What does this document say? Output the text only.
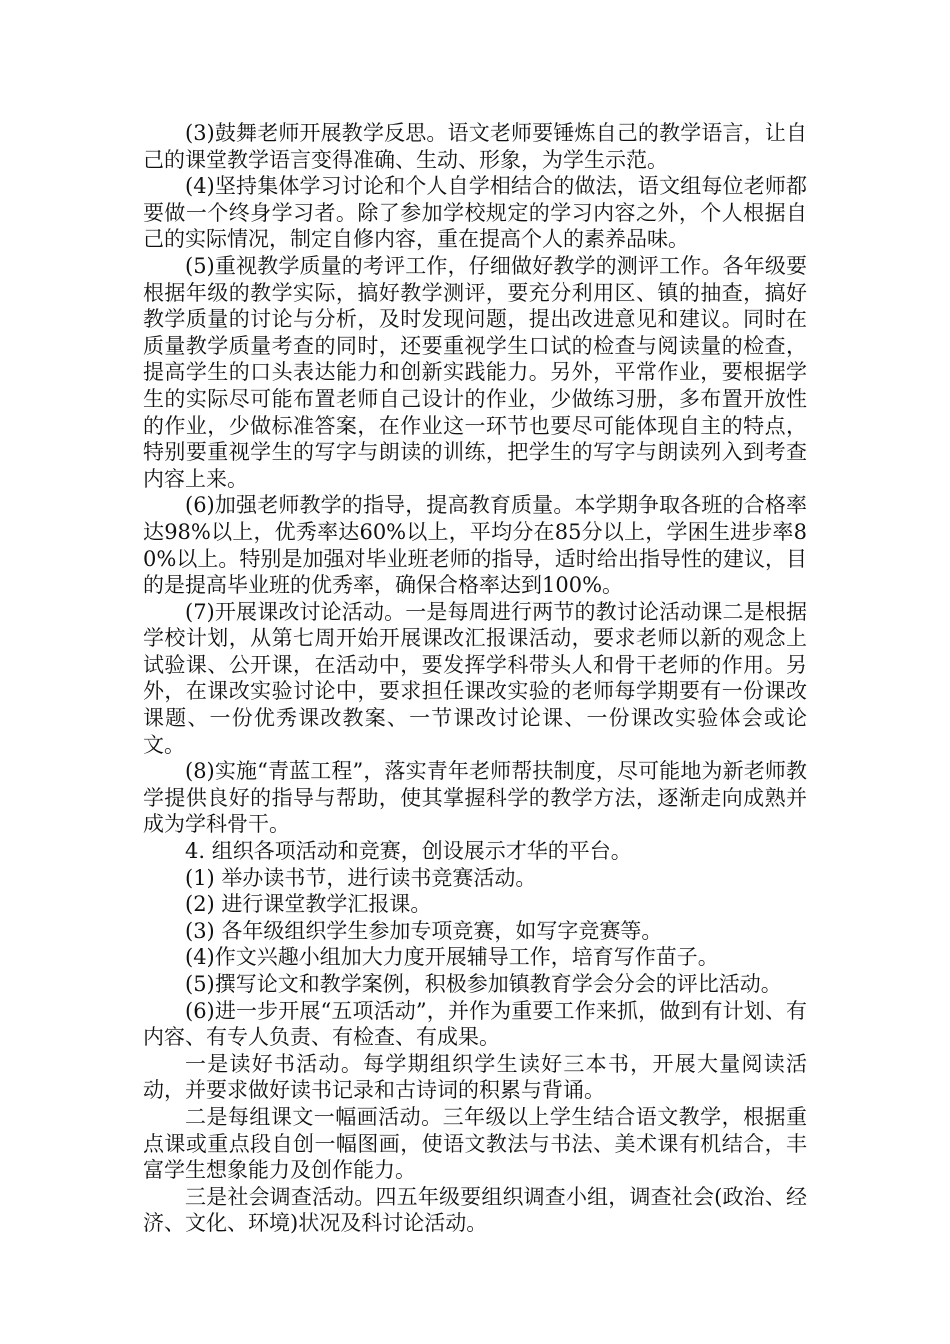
(3)鼓舞老师开展教学反思。语文老师要锤炼自己的教学语言，让自己的课堂教学语言变得准确、生动、形象，为学生示范。

(4)坚持集体学习讨论和个人自学相结合的做法，语文组每位老师都要做一个终身学习者。除了参加学校规定的学习内容之外，个人根据自己的实际情况，制定自修内容，重在提高个人的素养品味。

(5)重视教学质量的考评工作，仔细做好教学的测评工作。各年级要根据年级的教学实际，搞好教学测评，要充分利用区、镇的抽查，搞好教学质量的讨论与分析，及时发现问题，提出改进意见和建议。同时在质量教学质量考查的同时，还要重视学生口试的检查与阅读量的检查，提高学生的口头表达能力和创新实践能力。另外，平常作业，要根据学生的实际尽可能布置老师自己设计的作业，少做练习册，多布置开放性的作业，少做标准答案，在作业这一环节也要尽可能体现自主的特点，特别要重视学生的写字与朗读的训练，把学生的写字与朗读列入到考查内容上来。

(6)加强老师教学的指导，提高教育质量。本学期争取各班的合格率达98%以上，优秀率达60%以上，平均分在85分以上，学困生进步率80%以上。特别是加强对毕业班老师的指导，适时给出指导性的建议，目的是提高毕业班的优秀率，确保合格率达到100%。

(7)开展课改讨论活动。一是每周进行两节的教讨论活动课二是根据学校计划，从第七周开始开展课改汇报课活动，要求老师以新的观念上试验课、公开课，在活动中，要发挥学科带头人和骨干老师的作用。另外，在课改实验讨论中，要求担任课改实验的老师每学期要有一份课改课题、一份优秀课改教案、一节课改讨论课、一份课改实验体会或论文。

(8)实施“青蓝工程”，落实青年老师帮扶制度，尽可能地为新老师教学提供良好的指导与帮助，使其掌握科学的教学方法，逐渐走向成熟并成为学科骨干。

4. 组织各项活动和竞赛，创设展示才华的平台。

(1) 举办读书节，进行读书竞赛活动。

(2) 进行课堂教学汇报课。

(3) 各年级组织学生参加专项竞赛，如写字竞赛等。

(4)作文兴趣小组加大力度开展辅导工作，培育写作苗子。

(5)撰写论文和教学案例，积极参加镇教育学会分会的评比活动。

(6)进一步开展“五项活动”，并作为重要工作来抓，做到有计划、有内容、有专人负责、有检查、有成果。

一是读好书活动。每学期组织学生读好三本书，开展大量阅读活动，并要求做好读书记录和古诗词的积累与背诵。

二是每组课文一幅画活动。三年级以上学生结合语文教学，根据重点课或重点段自创一幅图画，使语文教法与书法、美术课有机结合，丰富学生想象能力及创作能力。

三是社会调查活动。四五年级要组织调查小组，调查社会(政治、经济、文化、环境)状况及科讨论活动。
